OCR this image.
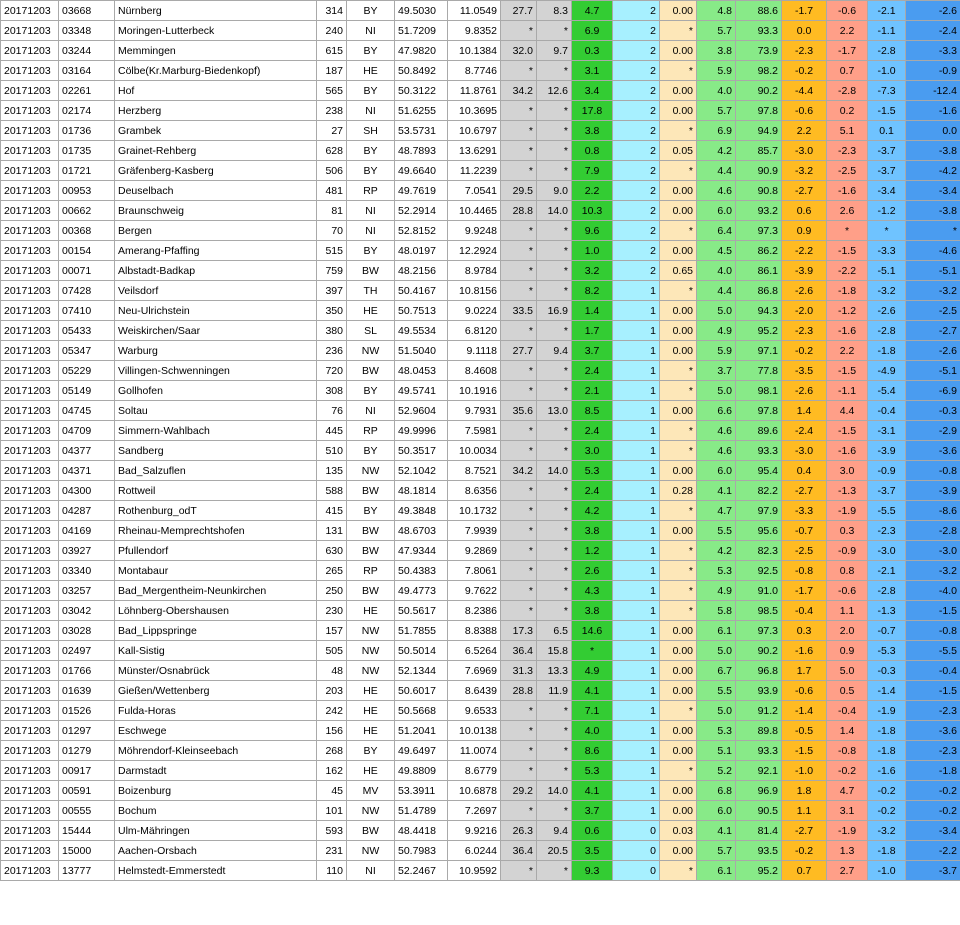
20171203	03668	Nürnberg	314	BY	49.5030	11.0549	27.7	8.3	4.7	2	0.00	4.8	88.6	-1.7	-0.6	-2.1	-2.6
20171203	03348	Moringen-Lutterbeck	240	NI	51.7209	9.8352	*	*	6.9	2	*	5.7	93.3	0.0	2.2	-1.1	-2.4
20171203	03244	Memmingen	615	BY	47.9820	10.1384	32.0	9.7	0.3	2	0.00	3.8	73.9	-2.3	-1.7	-2.8	-3.3
20171203	03164	Cölbe(Kr.Marburg-Biedenkopf)	187	HE	50.8492	8.7746	*	*	3.1	2	*	5.9	98.2	-0.2	0.7	-1.0	-0.9
20171203	02261	Hof	565	BY	50.3122	11.8761	34.2	12.6	3.4	2	0.00	4.0	90.2	-4.4	-2.8	-7.3	-12.4
20171203	02174	Herzberg	238	NI	51.6255	10.3695	*	*	17.8	2	0.00	5.7	97.8	-0.6	0.2	-1.5	-1.6
20171203	01736	Grambek	27	SH	53.5731	10.6797	*	*	3.8	2	*	6.9	94.9	2.2	5.1	0.1	0.0
20171203	01735	Grainet-Rehberg	628	BY	48.7893	13.6291	*	*	0.8	2	0.05	4.2	85.7	-3.0	-2.3	-3.7	-3.8
20171203	01721	Gräfenberg-Kasberg	506	BY	49.6640	11.2239	*	*	7.9	2	*	4.4	90.9	-3.2	-2.5	-3.7	-4.2
20171203	00953	Deuselbach	481	RP	49.7619	7.0541	29.5	9.0	2.2	2	0.00	4.6	90.8	-2.7	-1.6	-3.4	-3.4
20171203	00662	Braunschweig	81	NI	52.2914	10.4465	28.8	14.0	10.3	2	0.00	6.0	93.2	0.6	2.6	-1.2	-3.8
20171203	00368	Bergen	70	NI	52.8152	9.9248	*	*	9.6	2	*	6.4	97.3	0.9	*	*	*
20171203	00154	Amerang-Pfaffing	515	BY	48.0197	12.2924	*	*	1.0	2	0.00	4.5	86.2	-2.2	-1.5	-3.3	-4.6
20171203	00071	Albstadt-Badkap	759	BW	48.2156	8.9784	*	*	3.2	2	0.65	4.0	86.1	-3.9	-2.2	-5.1	-5.1
20171203	07428	Veilsdorf	397	TH	50.4167	10.8156	*	*	8.2	1	*	4.4	86.8	-2.6	-1.8	-3.2	-3.2
20171203	07410	Neu-Ulrichstein	350	HE	50.7513	9.0224	33.5	16.9	1.4	1	0.00	5.0	94.3	-2.0	-1.2	-2.6	-2.5
20171203	05433	Weiskirchen/Saar	380	SL	49.5534	6.8120	*	*	1.7	1	0.00	4.9	95.2	-2.3	-1.6	-2.8	-2.7
20171203	05347	Warburg	236	NW	51.5040	9.1118	27.7	9.4	3.7	1	0.00	5.9	97.1	-0.2	2.2	-1.8	-2.6
20171203	05229	Villingen-Schwenningen	720	BW	48.0453	8.4608	*	*	2.4	1	*	3.7	77.8	-3.5	-1.5	-4.9	-5.1
20171203	05149	Gollhofen	308	BY	49.5741	10.1916	*	*	2.1	1	*	5.0	98.1	-2.6	-1.1	-5.4	-6.9
20171203	04745	Soltau	76	NI	52.9604	9.7931	35.6	13.0	8.5	1	0.00	6.6	97.8	1.4	4.4	-0.4	-0.3
20171203	04709	Simmern-Wahlbach	445	RP	49.9996	7.5981	*	*	2.4	1	*	4.6	89.6	-2.4	-1.5	-3.1	-2.9
20171203	04377	Sandberg	510	BY	50.3517	10.0034	*	*	3.0	1	*	4.6	93.3	-3.0	-1.6	-3.9	-3.6
20171203	04371	Bad_Salzuflen	135	NW	52.1042	8.7521	34.2	14.0	5.3	1	0.00	6.0	95.4	0.4	3.0	-0.9	-0.8
20171203	04300	Rottweil	588	BW	48.1814	8.6356	*	*	2.4	1	0.28	4.1	82.2	-2.7	-1.3	-3.7	-3.9
20171203	04287	Rothenburg_odT	415	BY	49.3848	10.1732	*	*	4.2	1	*	4.7	97.9	-3.3	-1.9	-5.5	-8.6
20171203	04169	Rheinau-Memprechtshofen	131	BW	48.6703	7.9939	*	*	3.8	1	0.00	5.5	95.6	-0.7	0.3	-2.3	-2.8
20171203	03927	Pfullendorf	630	BW	47.9344	9.2869	*	*	1.2	1	*	4.2	82.3	-2.5	-0.9	-3.0	-3.0
20171203	03340	Montabaur	265	RP	50.4383	7.8061	*	*	2.6	1	*	5.3	92.5	-0.8	0.8	-2.1	-3.2
20171203	03257	Bad_Mergentheim-Neunkirchen	250	BW	49.4773	9.7622	*	*	4.3	1	*	4.9	91.0	-1.7	-0.6	-2.8	-4.0
20171203	03042	Löhnberg-Obershausen	230	HE	50.5617	8.2386	*	*	3.8	1	*	5.8	98.5	-0.4	1.1	-1.3	-1.5
20171203	03028	Bad_Lippspringe	157	NW	51.7855	8.8388	17.3	6.5	14.6	1	0.00	6.1	97.3	0.3	2.0	-0.7	-0.8
20171203	02497	Kall-Sistig	505	NW	50.5014	6.5264	36.4	15.8	*	1	0.00	5.0	90.2	-1.6	0.9	-5.3	-5.5
20171203	01766	Münster/Osnabrück	48	NW	52.1344	7.6969	31.3	13.3	4.9	1	0.00	6.7	96.8	1.7	5.0	-0.3	-0.4
20171203	01639	Gießen/Wettenberg	203	HE	50.6017	8.6439	28.8	11.9	4.1	1	0.00	5.5	93.9	-0.6	0.5	-1.4	-1.5
20171203	01526	Fulda-Horas	242	HE	50.5668	9.6533	*	*	7.1	1	*	5.0	91.2	-1.4	-0.4	-1.9	-2.3
20171203	01297	Eschwege	156	HE	51.2041	10.0138	*	*	4.0	1	0.00	5.3	89.8	-0.5	1.4	-1.8	-3.6
20171203	01279	Möhrendorf-Kleinseebach	268	BY	49.6497	11.0074	*	*	8.6	1	0.00	5.1	93.3	-1.5	-0.8	-1.8	-2.3
20171203	00917	Darmstadt	162	HE	49.8809	8.6779	*	*	5.3	1	*	5.2	92.1	-1.0	-0.2	-1.6	-1.8
20171203	00591	Boizenburg	45	MV	53.3911	10.6878	29.2	14.0	4.1	1	0.00	6.8	96.9	1.8	4.7	-0.2	-0.2
20171203	00555	Bochum	101	NW	51.4789	7.2697	*	*	3.7	1	0.00	6.0	90.5	1.1	3.1	-0.2	-0.2
20171203	15444	Ulm-Mähringen	593	BW	48.4418	9.9216	26.3	9.4	0.6	0	0.03	4.1	81.4	-2.7	-1.9	-3.2	-3.4
20171203	15000	Aachen-Orsbach	231	NW	50.7983	6.0244	36.4	20.5	3.5	0	0.00	5.7	93.5	-0.2	1.3	-1.8	-2.2
20171203	13777	Helmstedt-Emmerstedt	110	NI	52.2467	10.9592	*	*	9.3	0	*	6.1	95.2	0.7	2.7	-1.0	-3.7
